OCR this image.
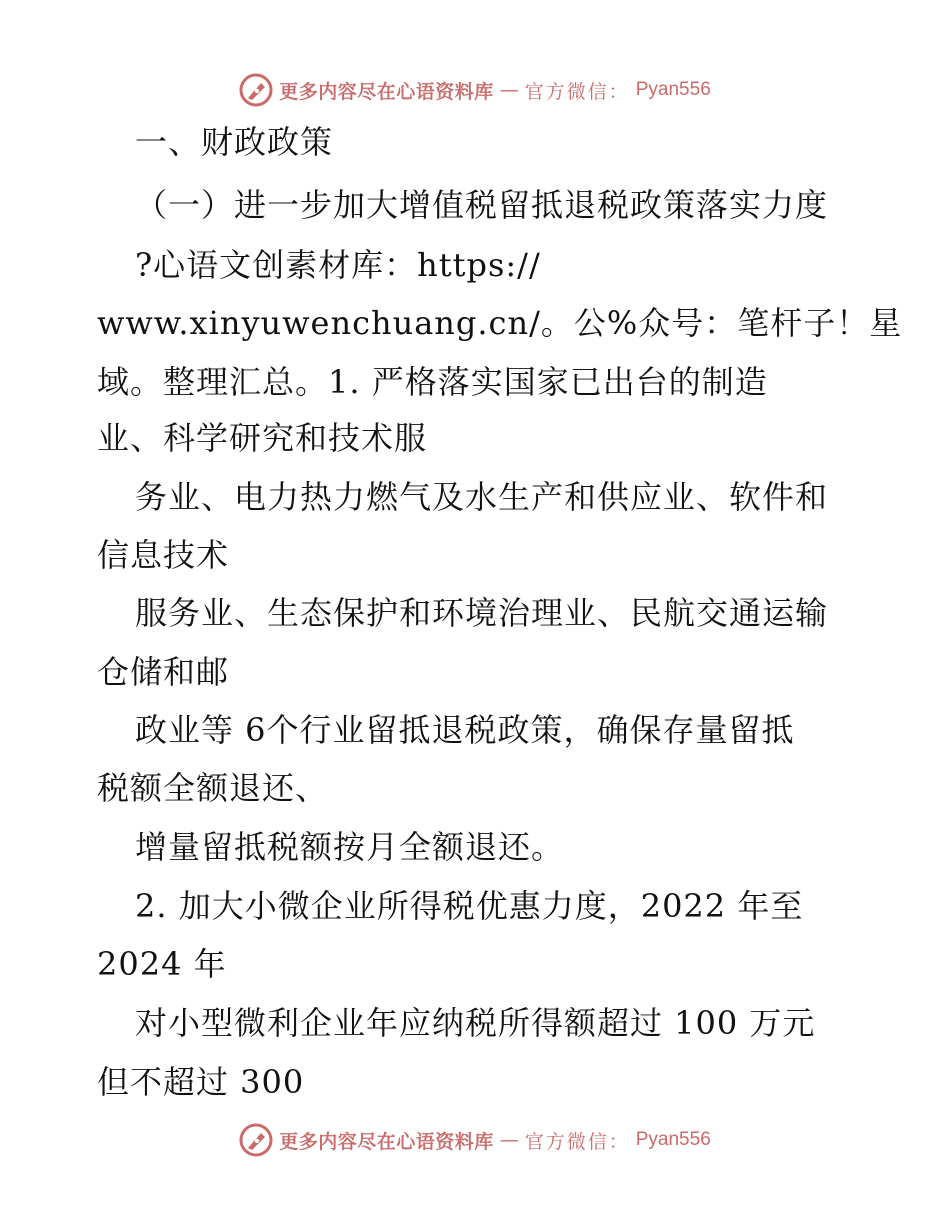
更多内容尽在心语资料库 — 官方微信： Pyan556
一、财政政策
（一）进一步加大增值税留抵退税政策落实力度
?心语文创素材库：https://
www.xinyuwenchuang.cn/。公%众号：笔杆子！星
域。整理汇总。1. 严格落实国家已出台的制造
业、科学研究和技术服
务业、电力热力燃气及水生产和供应业、软件和
信息技术
服务业、生态保护和环境治理业、民航交通运输
仓储和邮
政业等 6个行业留抵退税政策，确保存量留抵
税额全额退还、
增量留抵税额按月全额退还。
2. 加大小微企业所得税优惠力度，2022 年至
2024 年
对小型微利企业年应纳税所得额超过 100 万元
但不超过 300
更多内容尽在心语资料库 — 官方微信： Pyan556
